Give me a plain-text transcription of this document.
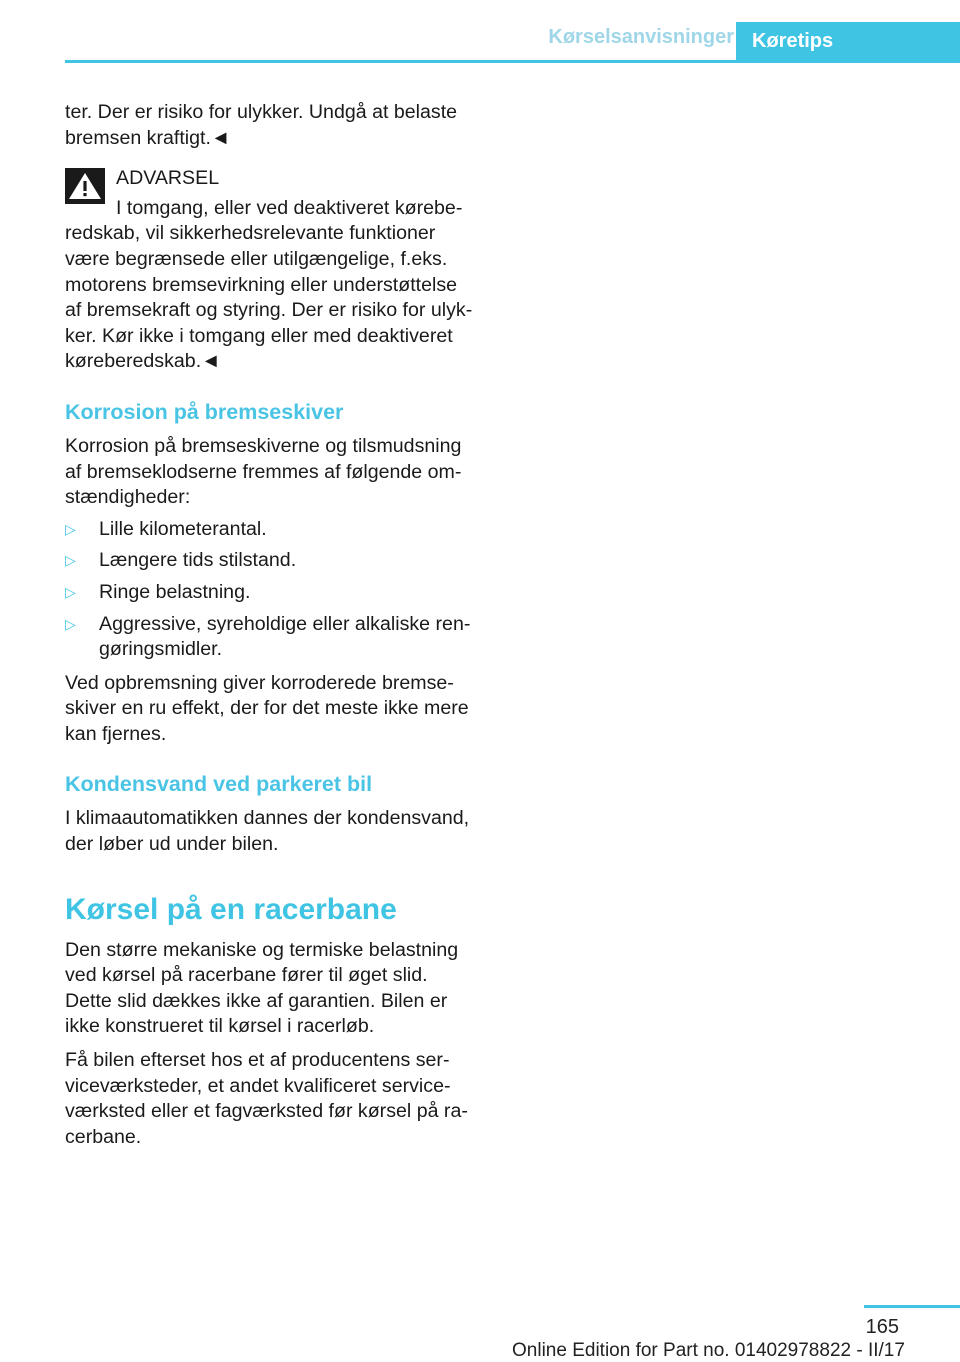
Kørselsanvisninger Køretips

ter. Der er risiko for ulykker. Undgå at belaste bremsen kraftigt.◄

ADVARSEL

I tomgang, eller ved deaktiveret køreberedskab, vil sikkerhedsrelevante funktioner være begrænsede eller utilgængelige, f.eks. motorens bremsevirkning eller understøttelse af bremsekraft og styring. Der er risiko for ulykker. Kør ikke i tomgang eller med deaktiveret køreberedskab.◄

Korrosion på bremseskiver

Korrosion på bremseskiverne og tilsmudsning af bremseklodserne fremmes af følgende omstændigheder:

▷ Lille kilometerantal.
▷ Længere tids stilstand.
▷ Ringe belastning.
▷ Aggressive, syreholdige eller alkaliske rengøringsmidler.

Ved opbremsning giver korroderede bremseskiver en ru effekt, der for det meste ikke mere kan fjernes.

Kondensvand ved parkeret bil

I klimaautomatikken dannes der kondensvand, der løber ud under bilen.

Kørsel på en racerbane

Den større mekaniske og termiske belastning ved kørsel på racerbane fører til øget slid. Dette slid dækkes ikke af garantien. Bilen er ikke konstrueret til kørsel i racerløb.

Få bilen efterset hos et af producentens serviceværksteder, et andet kvalificeret serviceværksted eller et fagværksted før kørsel på racerbane.

165
Online Edition for Part no. 01402978822 - II/17
